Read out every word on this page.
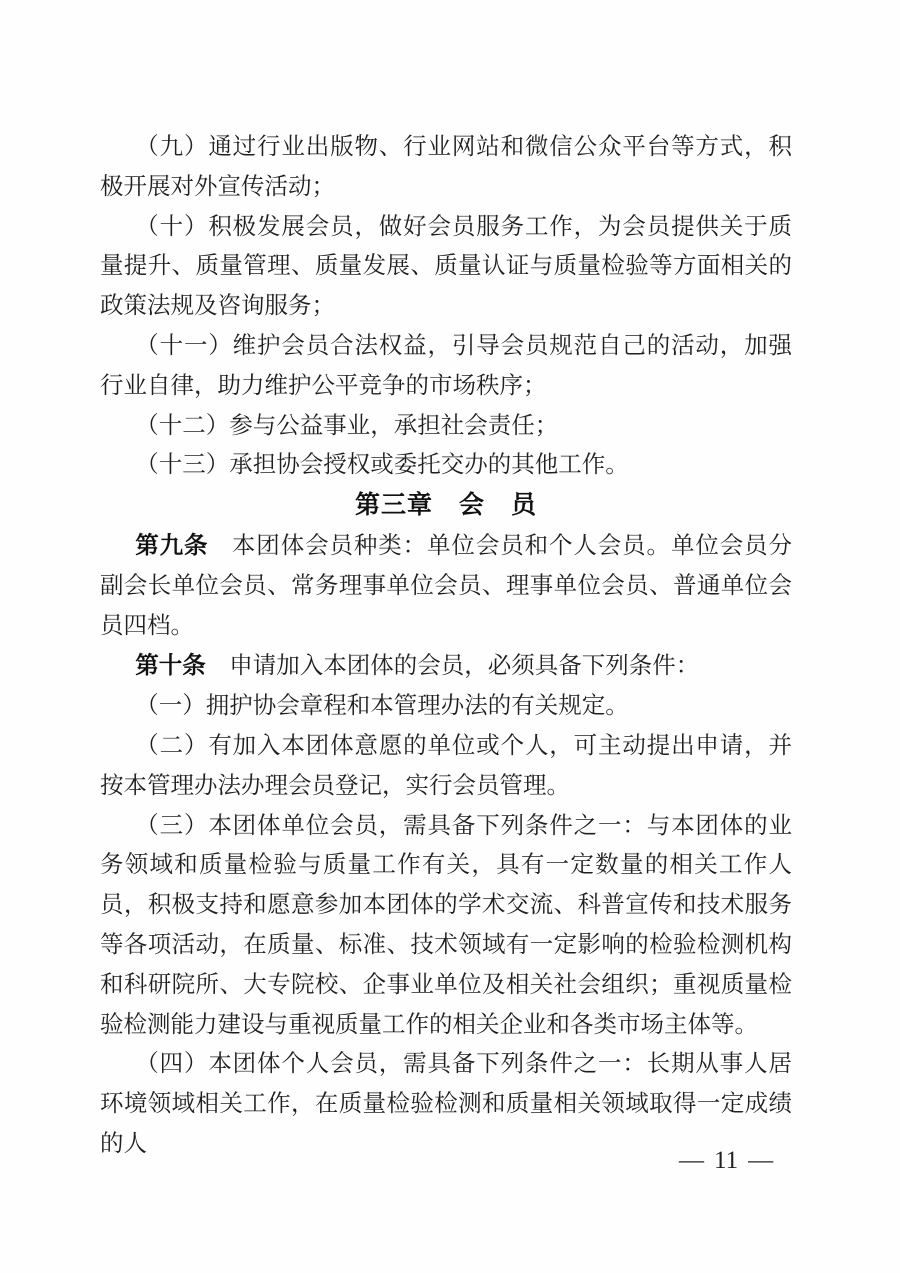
（九）通过行业出版物、行业网站和微信公众平台等方式，积极开展对外宣传活动；

（十）积极发展会员，做好会员服务工作，为会员提供关于质量提升、质量管理、质量发展、质量认证与质量检验等方面相关的政策法规及咨询服务；

（十一）维护会员合法权益，引导会员规范自己的活动，加强行业自律，助力维护公平竞争的市场秩序；

（十二）参与公益事业，承担社会责任；

（十三）承担协会授权或委托交办的其他工作。

第三章　会　员

第九条 本团体会员种类：单位会员和个人会员。单位会员分副会长单位会员、常务理事单位会员、理事单位会员、普通单位会员四档。

第十条 申请加入本团体的会员，必须具备下列条件：

（一）拥护协会章程和本管理办法的有关规定。

（二）有加入本团体意愿的单位或个人，可主动提出申请，并按本管理办法办理会员登记，实行会员管理。

（三）本团体单位会员，需具备下列条件之一：与本团体的业务领域和质量检验与质量工作有关，具有一定数量的相关工作人员，积极支持和愿意参加本团体的学术交流、科普宣传和技术服务等各项活动，在质量、标准、技术领域有一定影响的检验检测机构和科研院所、大专院校、企事业单位及相关社会组织；重视质量检验检测能力建设与重视质量工作的相关企业和各类市场主体等。

（四）本团体个人会员，需具备下列条件之一：长期从事人居环境领域相关工作，在质量检验检测和质量相关领域取得一定成绩的人

— 11 —
